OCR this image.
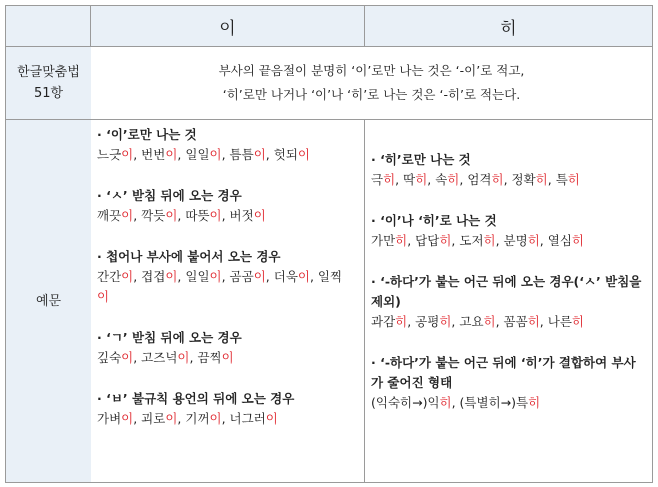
이	히
한글맞춤법
51항
부사의 끝음절이 분명히 ‘이’로만 나는 것은 ‘-이’로 적고,
‘히’로만 나거나 ‘이’나 ‘히’로 나는 것은 ‘-히’로 적는다.
예문
· ‘이’로만 나는 것
느긋이, 번번이, 일일이, 틈틈이, 헛되이
· ‘ㅅ’ 받침 뒤에 오는 경우
깨끗이, 깍듯이, 따뜻이, 버젓이
· 첩어나 부사에 붙어서 오는 경우
간간이, 겹겹이, 일일이, 곰곰이, 더욱이, 일찍
이
· ‘ㄱ’ 받침 뒤에 오는 경우
깊숙이, 고즈넉이, 끔찍이
· ‘ㅂ’ 불규칙 용언의 뒤에 오는 경우
가벼이, 괴로이, 기꺼이, 너그러이
· ‘히’로만 나는 것
극히, 딱히, 속히, 엄격히, 정확히, 특히
· ‘이’나 ‘히’로 나는 것
가만히, 답답히, 도저히, 분명히, 열심히
· ‘-하다’가 붙는 어근 뒤에 오는 경우(‘ㅅ’ 받침을
제외)
과감히, 공평히, 고요히, 꼼꼼히, 나른히
· ‘-하다’가 붙는 어근 뒤에 ‘히’가 결합하여 부사
가 줄어진 형태
(익숙히→)익히, (특별히→)특히
